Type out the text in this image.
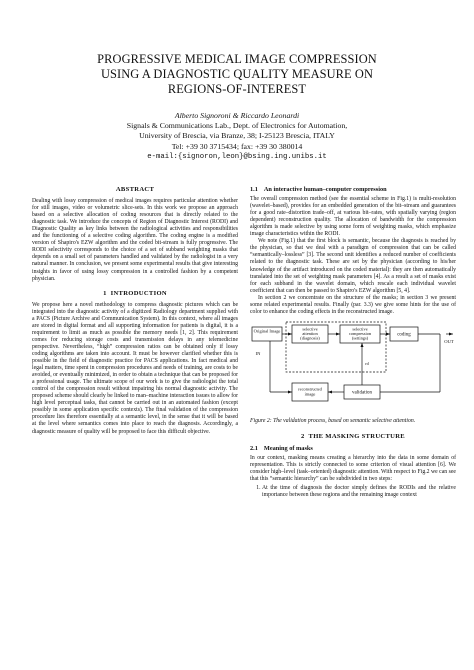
PROGRESSIVE MEDICAL IMAGE COMPRESSION
USING A DIAGNOSTIC QUALITY MEASURE ON
REGIONS-OF-INTEREST
Alberto Signoroni & Riccardo Leonardi
Signals & Communications Lab., Dept. of Electronics for Automation,
University of Brescia, via Branze, 38; I-25123 Brescia, ITALY
Tel: +39 30 3715434; fax: +39 30 380014
e-mail:{signoron,leon}@bsing.ing.unibs.it
ABSTRACT

Dealing with lossy compression of medical images requires particular attention whether for still images, video or volumetric slice-sets. In this work we propose an approach based on a selective allocation of coding resources that is directly related to the diagnostic task. We introduce the concepts of Region of Diagnostic Interest (RODI) and Diagnostic Quality as key links between the radiological activities and responsibilities and the functioning of a selective coding algorithm. The coding engine is a modified version of Shapiro's EZW algorithm and the coded bit-stream is fully progressive. The RODI selectivity corresponds to the choice of a set of subband weighting masks that depends on a small set of parameters handled and validated by the radiologist in a very natural manner. In conclusion, we present some experimental results that give interesting insights in favor of using lossy compression in a controlled fashion by a competent physician.

1 INTRODUCTION

We propose here a novel methodology to compress diagnostic pictures which can be integrated into the diagnostic activity of a digitized Radiology department supplied with a PACS (Picture Archive and Communication System). In this context, where all images are stored in digital format and all supporting information for patients is digital, it is a requirement to limit as much as possible the memory needs [1, 2]. This requirement comes for reducing storage costs and transmission delays in any telemedicine perspective. Nevertheless, “high” compression ratios can be obtained only if lossy coding algorithms are taken into account. It must be however clarified whether this is possible in the field of diagnostic practice for PACS applications. In fact medical and legal matters, time spent in compression procedures and needs of training, are costs to be avoided, or eventually minimized, in order to obtain a technique that can be proposed for a professional usage. The ultimate scope of our work is to give the radiologist the total control of the compression result without impairing his normal diagnostic activity. The proposed scheme should clearly be linked to man–machine interaction issues to allow for high level perceptual tasks, that cannot be carried out in an automated fashion (except possibly in some application specific contexts). The final validation of the compression procedure lies therefore essentially at a semantic level, in the sense that it will be based at the level where semantics comes into place to reach the diagnosis. Accordingly, a diagnostic measure of quality will be proposed to face this difficult objective.

1.1 An interactive human–computer compression

The overall compression method (see the essential scheme in Fig.1) is multi-resolution (wavelet–based), provides for an embedded generation of the bit–stream and guarantees for a good rate–distortion trade–off, at various bit–rates, with spatially varying (region dependent) reconstruction quality. The allocation of bandwidth for the compression algorithm is made selective by using some form of weighting masks, which emphasize image characteristics within the RODI.

We note (Fig.1) that the first block is semantic, because the diagnosis is reached by the physician, so that we deal with a paradigm of compression that can be called “semantically–lossless” [3]. The second unit identifies a reduced number of coefficients related to the diagnostic task. These are set by the physician (according to his/her knowledge of the artifact introduced on the coded material): they are then automatically translated into the set of weighting mask parameters [4]. As a result a set of masks exist for each subband in the wavelet domain, which rescale each individual wavelet coefficient that can then be passed to Shapiro's EZW algorithm [5, 4].

In section 2 we concentrate on the structure of the masks; in section 3 we present some related experimental results. Finally (par. 3.3) we give some hints for the use of color to enhance the coding effects in the reconstructed image.

Original Image	selective
attention
(diagnosis)
selective
compression
(settings)
coding
reconstructed
image	validation
IN
OUT
rd

Figure 2: The validation process, based on semantic selective attention.

2 THE MASKING STRUCTURE
2.1 Meaning of masks

In our context, masking means creating a hierarchy into the data in some domain of representation. This is strictly connected to some criterion of visual attention [6]. We consider high–level (task–oriented) diagnostic attention. With respect to Fig.2 we can see that this “semantic hierarchy” can be subdivided in two steps:

1. At the time of diagnosis the doctor simply defines the RODIs and the relative importance between these regions and the remaining image context
